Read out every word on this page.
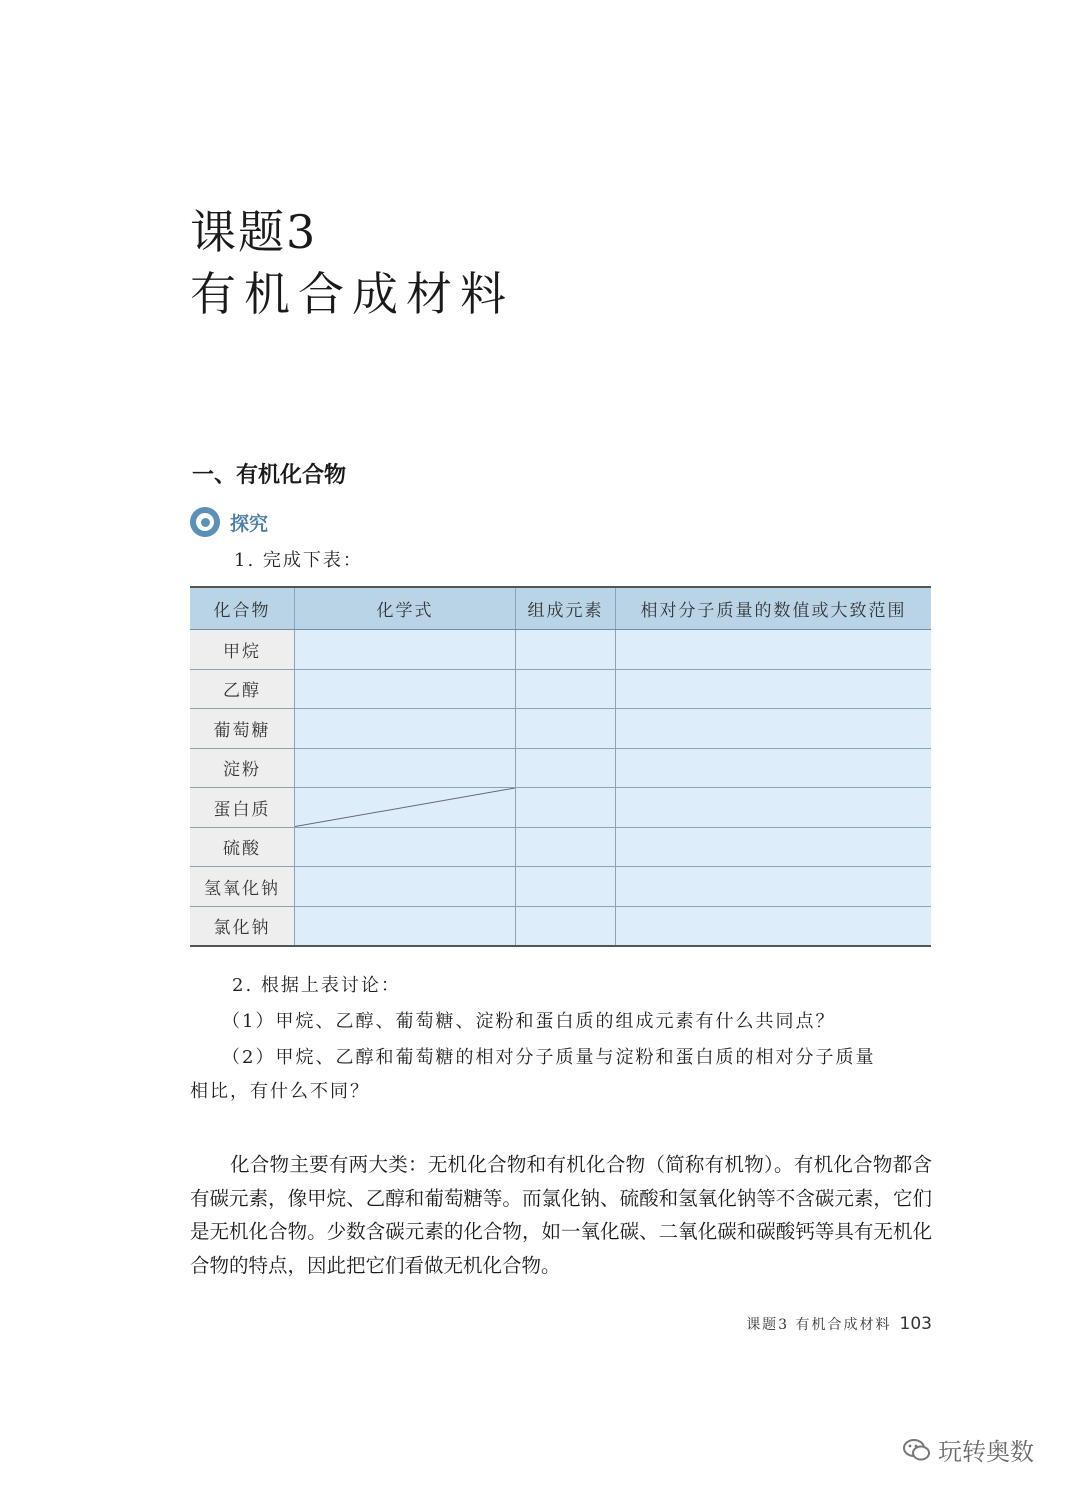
课题3
有机合成材料
一、有机化合物
探究
1. 完成下表：
化合物	化学式	组成元素	相对分子质量的数值或大致范围
甲烷			
乙醇			
葡萄糖			
淀粉			
蛋白质	

硫酸			
氢氧化钠			
氯化钠			
2. 根据上表讨论：
（1）甲烷、乙醇、葡萄糖、淀粉和蛋白质的组成元素有什么共同点？
（2）甲烷、乙醇和葡萄糖的相对分子质量与淀粉和蛋白质的相对分子质量
相比，有什么不同？
化合物主要有两大类：无机化合物和有机化合物（简称有机物）。有机化合物都含有碳元素，像甲烷、乙醇和葡萄糖等。而氯化钠、硫酸和氢氧化钠等不含碳元素，它们是无机化合物。少数含碳元素的化合物，如一氧化碳、二氧化碳和碳酸钙等具有无机化合物的特点，因此把它们看做无机化合物。
课题3 有机合成材料 103
玩转奥数
